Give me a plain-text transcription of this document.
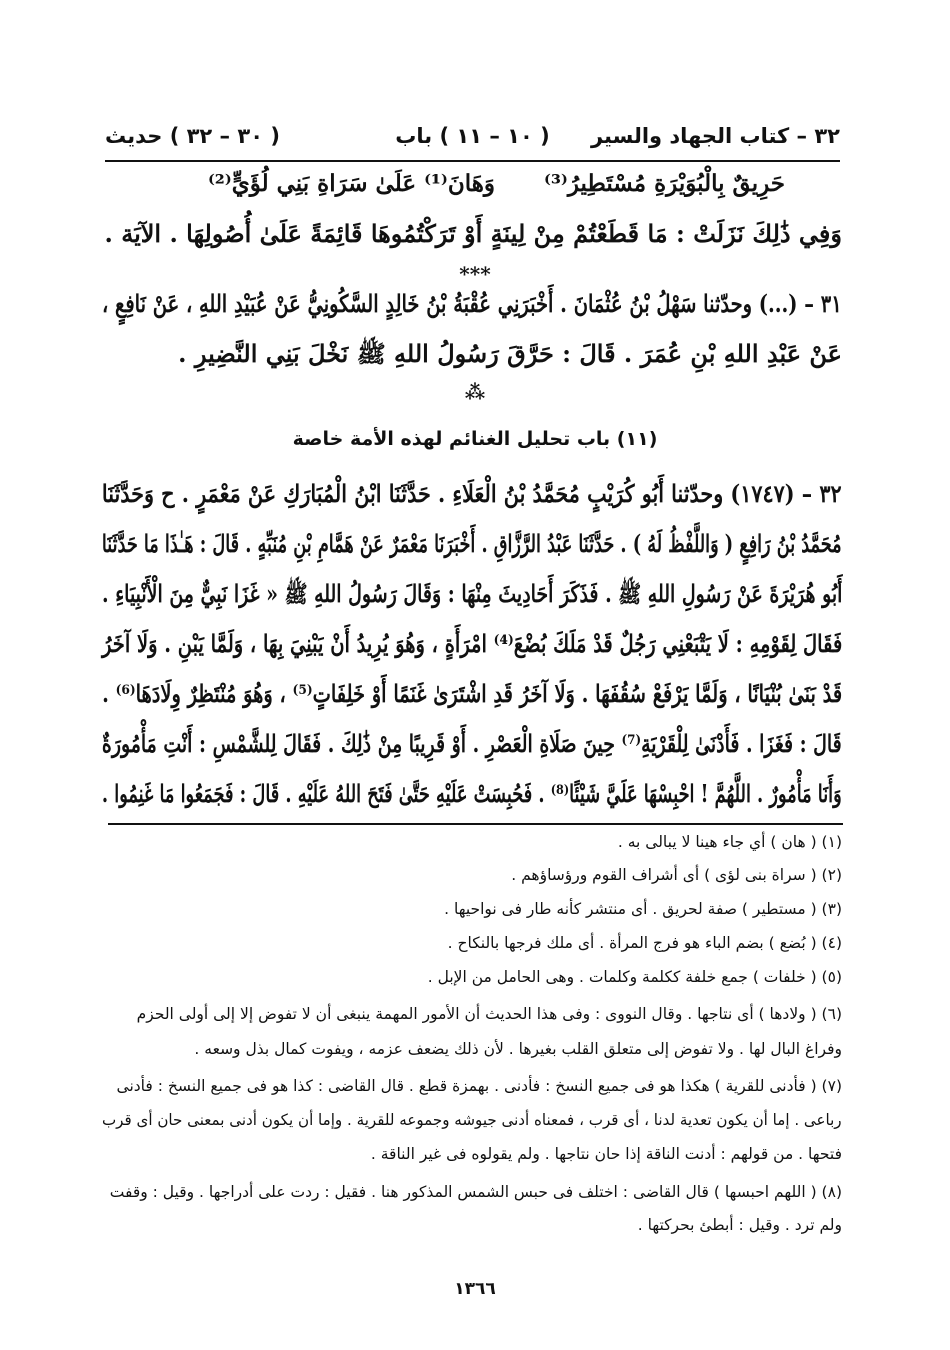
٣٢ – كتاب الجهاد والسير
( ١٠ – ١١ ) باب
( ٣٠ – ٣٢ ) حديث
وَهَانَ⁽¹⁾ عَلَىٰ سَرَاةِ بَنِي لُؤَيٍّ⁽²⁾ حَرِيقٌ بِالْبُوَيْرَةِ مُسْتَطِيرُ⁽³⁾
وَفِي ذَٰلِكَ نَزَلَتْ : مَا قَطَعْتُمْ مِنْ لِينَةٍ أَوْ تَرَكْتُمُوهَا قَائِمَةً عَلَىٰ أُصُولِهَا . الآيَة .
***
٣١ – (...) وحدّثنا سَهْلُ بْنُ عُثْمَانَ . أَخْبَرَنِي عُقْبَةُ بْنُ خَالِدٍ السَّكُونِيُّ عَنْ عُبَيْدِ اللهِ ، عَنْ نَافِعٍ ،
عَنْ عَبْدِ اللهِ بْنِ عُمَرَ . قَالَ : حَرَّقَ رَسُولُ اللهِ ﷺ نَخْلَ بَنِي النَّضِيرِ .
⁂
(١١) باب تحليل الغنائم لهذه الأمة خاصة
٣٢ – (١٧٤٧) وحدّثنا أَبُو كُرَيْبٍ مُحَمَّدُ بْنُ الْعَلَاءِ . حَدَّثَنَا ابْنُ الْمُبَارَكِ عَنْ مَعْمَرٍ . ح وَحَدَّثَنَا
مُحَمَّدُ بْنُ رَافِعٍ ( وَاللَّفْظُ لَهُ ) . حَدَّثَنَا عَبْدُ الرَّزَّاقِ . أَخْبَرَنَا مَعْمَرٌ عَنْ هَمَّامِ بْنِ مُنَبِّهٍ . قَالَ : هَـٰذَا مَا حَدَّثَنَا
أَبُو هُرَيْرَةَ عَنْ رَسُولِ اللهِ ﷺ . فَذَكَرَ أَحَادِيثَ مِنْهَا : وَقَالَ رَسُولُ اللهِ ﷺ « غَزَا نَبِيٌّ مِنَ الْأَنْبِيَاءِ .
فَقَالَ لِقَوْمِهِ : لَا يَتْبَعْنِي رَجُلٌ قَدْ مَلَكَ بُضْعَ⁽⁴⁾ امْرَأَةٍ ، وَهُوَ يُرِيدُ أَنْ يَبْنِيَ بِهَا ، وَلَمَّا يَبْنِ . وَلَا آخَرُ
قَدْ بَنَىٰ بُنْيَانًا ، وَلَمَّا يَرْفَعْ سُقُفَهَا . وَلَا آخَرُ قَدِ اشْتَرَىٰ غَنَمًا أَوْ خَلِفَاتٍ⁽⁵⁾ ، وَهُوَ مُنْتَظِرٌ وِلَادَهَا⁽⁶⁾ .
قَالَ : فَغَزَا . فَأَدْنَىٰ لِلْقَرْيَةِ⁽⁷⁾ حِينَ صَلَاةِ الْعَصْرِ . أَوْ قَرِيبًا مِنْ ذَٰلِكَ . فَقَالَ لِلشَّمْسِ : أَنْتِ مَأْمُورَةٌ
وَأَنَا مَأْمُورٌ . اللَّهُمَّ ! احْبِسْهَا عَلَيَّ شَيْئًا⁽⁸⁾ . فَحُبِسَتْ عَلَيْهِ حَتَّىٰ فَتَحَ اللهُ عَلَيْهِ . قَالَ : فَجَمَعُوا مَا غَنِمُوا .
(١) ( هان ) أي جاء هينا لا يبالى به .
(٢) ( سراة بنى لؤى ) أى أشراف القوم ورؤساؤهم .
(٣) ( مستطير ) صفة لحريق . أى منتشر كأنه طار فى نواحيها .
(٤) ( بُضع ) بضم الباء هو فرج المرأة . أى ملك فرجها بالنكاح .
(٥) ( خلفات ) جمع خلفة ككلمة وكلمات . وهى الحامل من الإبل .
(٦) ( ولادها ) أى نتاجها . وقال النووى : وفى هذا الحديث أن الأمور المهمة ينبغى أن لا تفوض إلا إلى أولى الحزم
وفراغ البال لها . ولا تفوض إلى متعلق القلب بغيرها . لأن ذلك يضعف عزمه ، ويفوت كمال بذل وسعه .
(٧) ( فأدنى للقرية ) هكذا هو فى جميع النسخ : فأدنى . بهمزة قطع . قال القاضى : كذا هو فى جميع النسخ : فأدنى
رباعى . إما أن يكون تعدية لدنا ، أى قرب ، فمعناه أدنى جيوشه وجموعه للقرية . وإما أن يكون أدنى بمعنى حان أى قرب
فتحها . من قولهم : أدنت الناقة إذا حان نتاجها . ولم يقولوه فى غير الناقة .
(٨) ( اللهم احبسها ) قال القاضى : اختلف فى حبس الشمس المذكور هنا . فقيل : ردت على أدراجها . وقيل : وقفت
ولم ترد . وقيل : أبطئ بحركتها .
١٣٦٦
